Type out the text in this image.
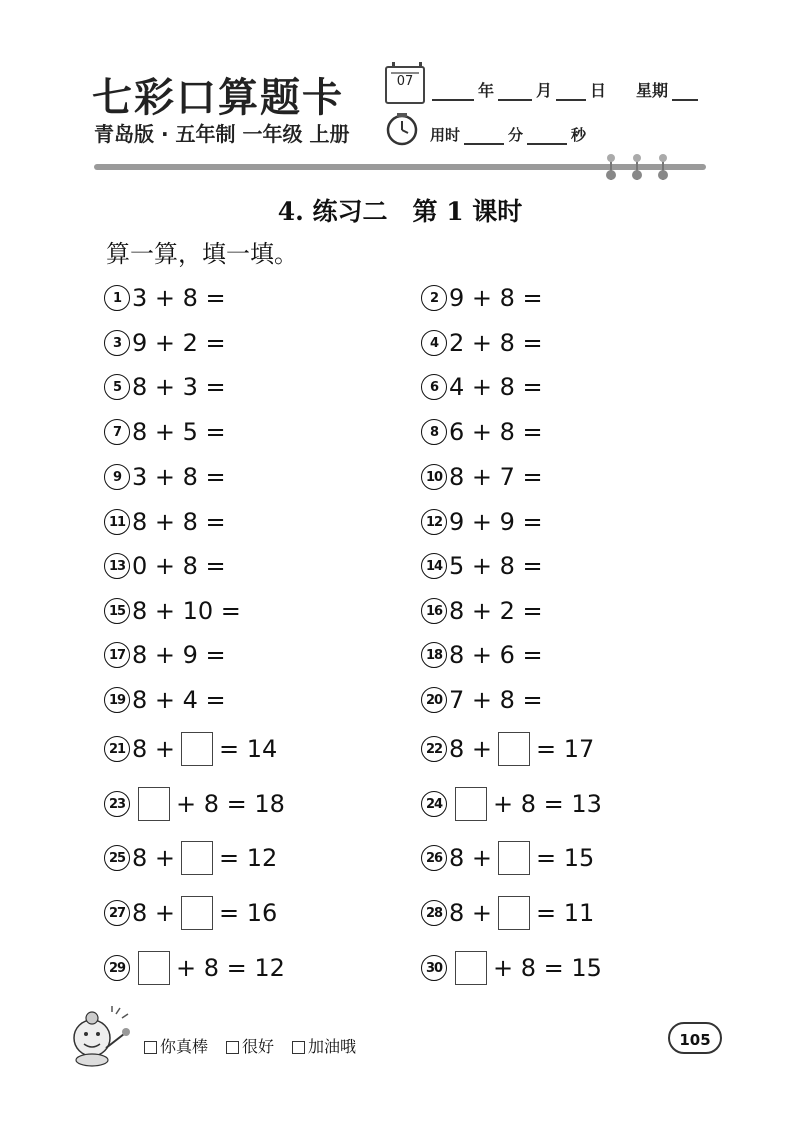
七彩口算题卡	07	年	月 日 星期
青岛版 · 五年制 一年级 上册	用时	分	秒
4. 练习二　第 1 课时
算一算，填一填。
1 3 + 8 =	2 9 + 8 =
3 9 + 2 =	4 2 + 8 =
5 8 + 3 =	6 4 + 8 =
7 8 + 5 =	8 6 + 8 =
9 3 + 8 =	10 8 + 7 =
11 8 + 8 =	12 9 + 9 =
13 0 + 8 =	14 5 + 8 =
15 8 + 10 =	16 8 + 2 =
17 8 + 9 =	18 8 + 6 =
19 8 + 4 =	20 7 + 8 =
21 8 + = 14	22 8 + = 17
23 + 8 = 18	24 + 8 = 13
25 8 + = 12	26 8 + = 15
27 8 + = 16	28 8 + = 11
29 + 8 = 12	30 + 8 = 15
你真棒	很好	加油哦	105
